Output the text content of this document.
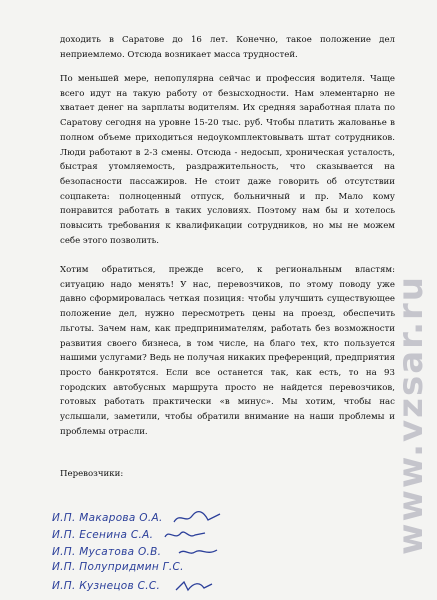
доходить в Саратове до 16 лет. Конечно, такое положение дел
неприемлемо. Отсюда возникает масса трудностей.
По меньшей мере, непопулярна сейчас и профессия водителя. Чаще
всего идут на такую работу от безысходности. Нам элементарно не
хватает денег на зарплаты водителям. Их средняя заработная плата по
Саратову сегодня на уровне 15-20 тыс. руб. Чтобы платить жалованье в
полном объеме приходиться недоукомплектовывать штат сотрудников.
Люди работают в 2-3 смены. Отсюда - недосып, хроническая усталость,
быстрая утомляемость, раздражительность, что сказывается на
безопасности пассажиров. Не стоит даже говорить об отсутствии
соцпакета: полноценный отпуск, больничный и пр. Мало кому
понравится работать в таких условиях. Поэтому нам бы и хотелось
повысить требования к квалификации сотрудников, но мы не можем
себе этого позволить.
Хотим обратиться, прежде всего, к региональным властям:
ситуацию надо менять! У нас, перевозчиков, по этому поводу уже
давно сформировалась четкая позиция: чтобы улучшить существующее
положение дел, нужно пересмотреть цены на проезд, обеспечить
льготы. Зачем нам, как предпринимателям, работать без возможности
развития своего бизнеса, в том числе, на благо тех, кто пользуется
нашими услугами? Ведь не получая никаких преференций, предприятия
просто банкротятся. Если все останется так, как есть, то на 93
городских автобусных маршрута просто не найдется перевозчиков,
готовых работать практически «в минус». Мы хотим, чтобы нас
услышали, заметили, чтобы обратили внимание на наши проблемы и
проблемы отрасли.
Перевозчики:
И.П. Макарова О.А.
И.П. Есенина С.А.
И.П. Мусатова О.В.
И.П. Полупридмин Г.С.
И.П. Кузнецов С.С.
www.vzsar.ru
